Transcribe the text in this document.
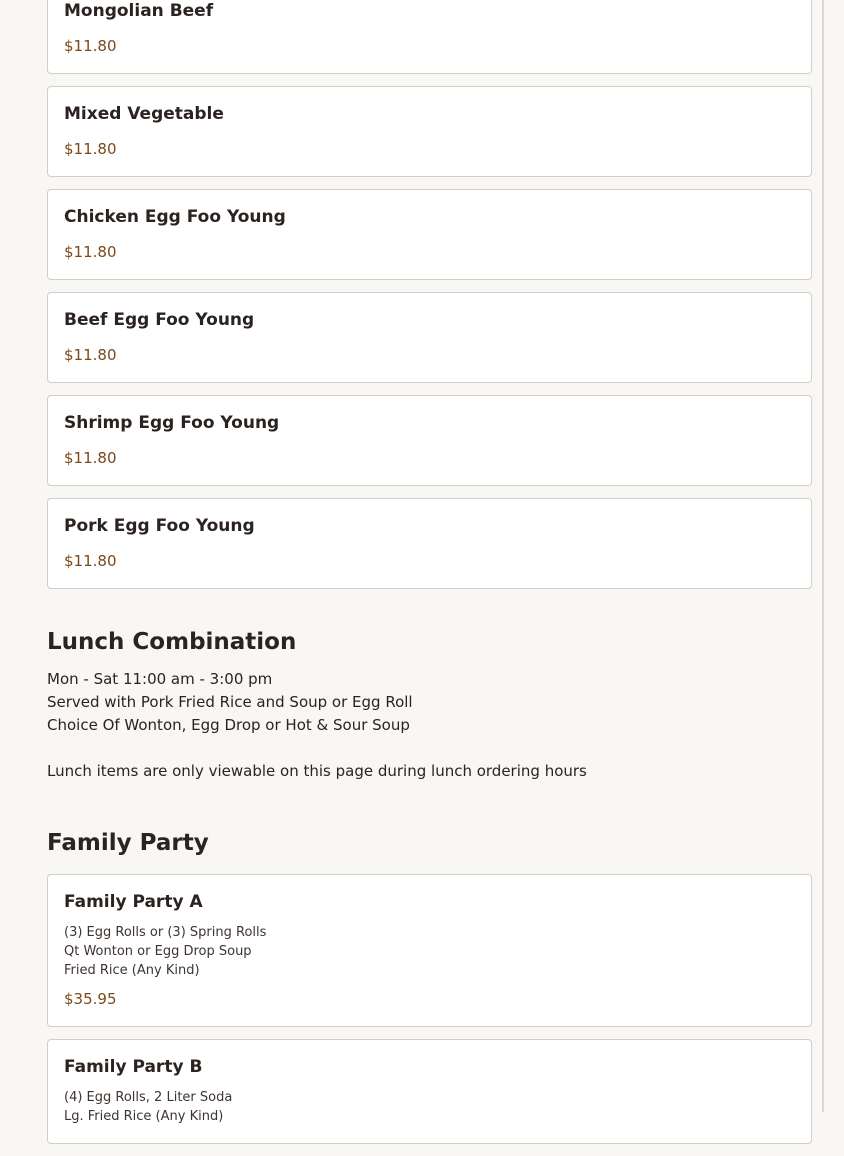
Mongolian Beef
$11.80
Mixed Vegetable
$11.80
Chicken Egg Foo Young
$11.80
Beef Egg Foo Young
$11.80
Shrimp Egg Foo Young
$11.80
Pork Egg Foo Young
$11.80
Lunch Combination
Mon - Sat 11:00 am - 3:00 pm
Served with Pork Fried Rice and Soup or Egg Roll
Choice Of Wonton, Egg Drop or Hot & Sour Soup
Lunch items are only viewable on this page during lunch ordering hours
Family Party
Family Party A
(3) Egg Rolls or (3) Spring Rolls
Qt Wonton or Egg Drop Soup
Fried Rice (Any Kind)
$35.95
Family Party B
(4) Egg Rolls, 2 Liter Soda
Lg. Fried Rice (Any Kind)
